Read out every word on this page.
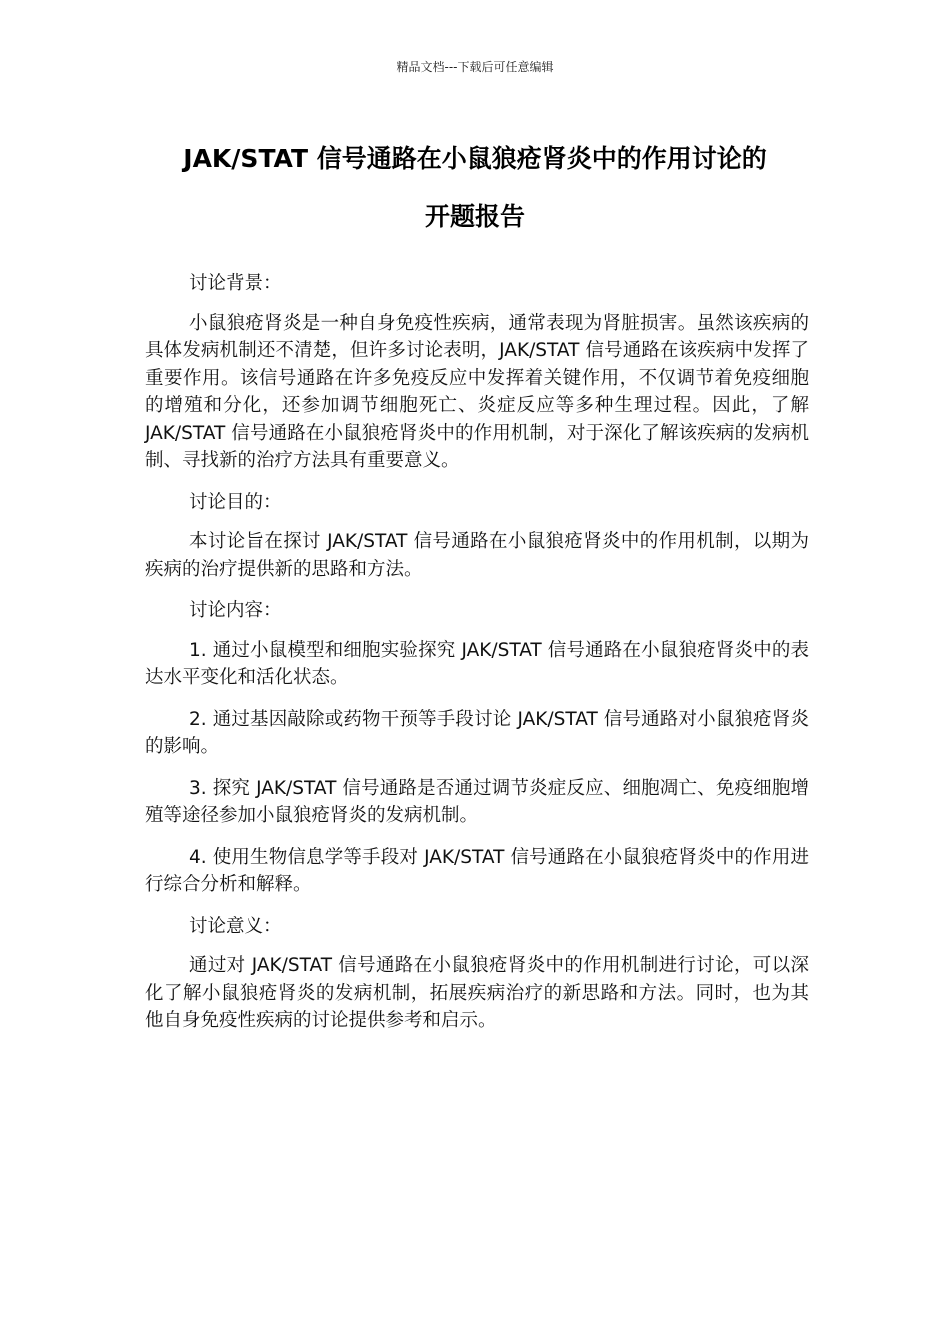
精品文档---下载后可任意编辑
JAK/STAT 信号通路在小鼠狼疮肾炎中的作用讨论的
开题报告

讨论背景：

小鼠狼疮肾炎是一种自身免疫性疾病，通常表现为肾脏损害。虽然该疾病的具体发病机制还不清楚，但许多讨论表明，JAK/STAT 信号通路在该疾病中发挥了重要作用。该信号通路在许多免疫反应中发挥着关键作用，不仅调节着免疫细胞的增殖和分化，还参加调节细胞死亡、炎症反应等多种生理过程。因此，了解 JAK/STAT 信号通路在小鼠狼疮肾炎中的作用机制，对于深化了解该疾病的发病机制、寻找新的治疗方法具有重要意义。

讨论目的：

本讨论旨在探讨 JAK/STAT 信号通路在小鼠狼疮肾炎中的作用机制，以期为疾病的治疗提供新的思路和方法。

讨论内容：

1. 通过小鼠模型和细胞实验探究 JAK/STAT 信号通路在小鼠狼疮肾炎中的表达水平变化和活化状态。

2. 通过基因敲除或药物干预等手段讨论 JAK/STAT 信号通路对小鼠狼疮肾炎的影响。

3. 探究 JAK/STAT 信号通路是否通过调节炎症反应、细胞凋亡、免疫细胞增殖等途径参加小鼠狼疮肾炎的发病机制。

4. 使用生物信息学等手段对 JAK/STAT 信号通路在小鼠狼疮肾炎中的作用进行综合分析和解释。

讨论意义：

通过对 JAK/STAT 信号通路在小鼠狼疮肾炎中的作用机制进行讨论，可以深化了解小鼠狼疮肾炎的发病机制，拓展疾病治疗的新思路和方法。同时，也为其他自身免疫性疾病的讨论提供参考和启示。
